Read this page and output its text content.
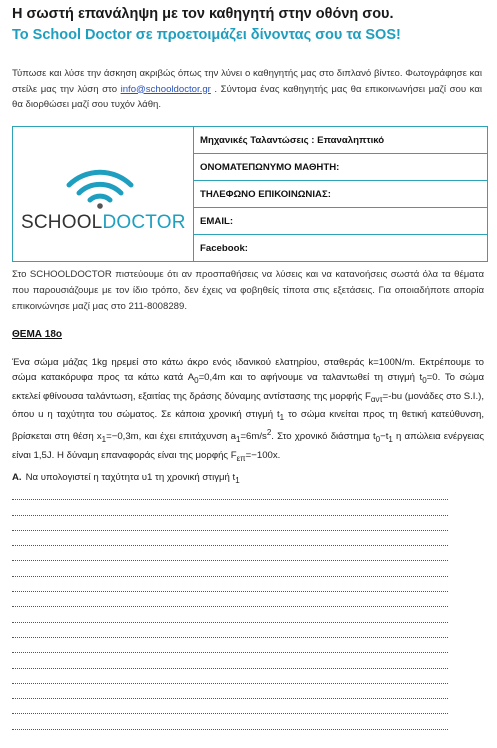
Η σωστή επανάληψη με τον καθηγητή στην οθόνη σου.
Το School Doctor σε προετοιμάζει δίνοντας σου τα SOS!
Τύπωσε και λύσε την άσκηση ακριβώς όπως την λύνει ο καθηγητής μας στο διπλανό βίντεο. Φωτογράφησε και στείλε μας την λύση στο info@schooldoctor.gr . Σύντομα ένας καθηγητής μας θα επικοινωνήσει μαζί σου και θα διορθώσει μαζί σου τυχόν λάθη.
SCHOOLDOCTOR
	Μηχανικές Ταλαντώσεις : Επαναληπτικό
ΟΝΟΜΑΤΕΠΩΝΥΜΟ ΜΑΘΗΤΗ:
ΤΗΛΕΦΩΝΟ ΕΠΙΚΟΙΝΩΝΙΑΣ:
EMAIL:
Facebook:
Στο SCHOOLDOCTOR πιστεύουμε ότι αν προσπαθήσεις να λύσεις και να κατανοήσεις σωστά όλα τα θέματα που παρουσιάζουμε με τον ίδιο τρόπο, δεν έχεις να φοβηθείς τίποτα στις εξετάσεις. Για οποιαδήποτε απορία επικοινώνησε μαζί μας στο 211-8008289.
ΘΕΜΑ 18ο
Ένα σώμα μάζας 1kg ηρεμεί στο κάτω άκρο ενός ιδανικού ελατηρίου, σταθεράς k=100N/m. Εκτρέπουμε το σώμα κατακόρυφα προς τα κάτω κατά $A_0=0,4m$ και το αφήνουμε να ταλαντωθεί τη στιγμή $t_0=0$. Το σώμα εκτελεί φθίνουσα ταλάντωση, εξαιτίας της δράσης δύναμης αντίστασης της μορφής $F_{\alpha\nu\tau}=-bu$ (μονάδες στο S.I.), όπου u η ταχύτητα του σώματος. Σε κάποια χρονική στιγμή $t_1$ το σώμα κινείται προς τη θετική κατεύθυνση, βρίσκεται στη θέση $x_1=-0,3m$, και έχει επιτάχυνση $a_1=6m/s^2$. Στο χρονικό διάστημα $t_0-t_1$ η απώλεια ενέργειας είναι 1,5J. Η δύναμη επαναφοράς είναι της μορφής $F_{\varepsilon\pi}=-100x$.
Α. Να υπολογιστεί η ταχύτητα υ1 τη χρονική στιγμή $t_1$
